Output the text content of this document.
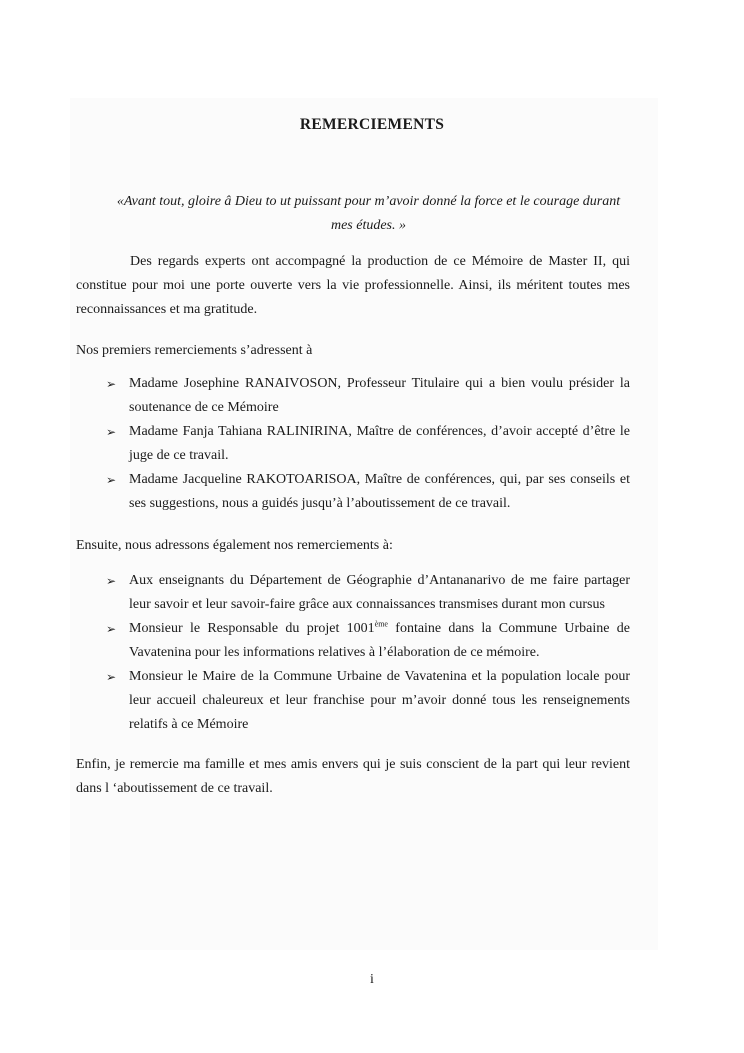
REMERCIEMENTS
«Avant tout, gloire â Dieu to ut puissant pour m’avoir donné la force et le courage durant
mes études. »
Des regards experts ont accompagné la production de ce Mémoire de Master II, qui constitue pour moi une porte ouverte vers la vie professionnelle. Ainsi, ils méritent toutes mes reconnaissances et ma gratitude.
Nos premiers remerciements s’adressent à
➢ Madame Josephine RANAIVOSON, Professeur Titulaire qui a bien voulu présider la soutenance de ce Mémoire
➢ Madame Fanja Tahiana RALINIRINA, Maître de conférences, d’avoir accepté d’être le juge de ce travail.
➢ Madame Jacqueline RAKOTOARISOA, Maître de conférences, qui, par ses conseils et ses suggestions, nous a guidés jusqu’à l’aboutissement de ce travail.
Ensuite, nous adressons également nos remerciements à:
➢ Aux enseignants du Département de Géographie d’Antananarivo de me faire partager leur savoir et leur savoir-faire grâce aux connaissances transmises durant mon cursus
➢ Monsieur le Responsable du projet 1001ème fontaine dans la Commune Urbaine de Vavatenina pour les informations relatives à l’élaboration de ce mémoire.
➢ Monsieur le Maire de la Commune Urbaine de Vavatenina et la population locale pour leur accueil chaleureux et leur franchise pour m’avoir donné tous les renseignements relatifs à ce Mémoire
Enfin, je remercie ma famille et mes amis envers qui je suis conscient de la part qui leur revient dans l ‘aboutissement de ce travail.
i
